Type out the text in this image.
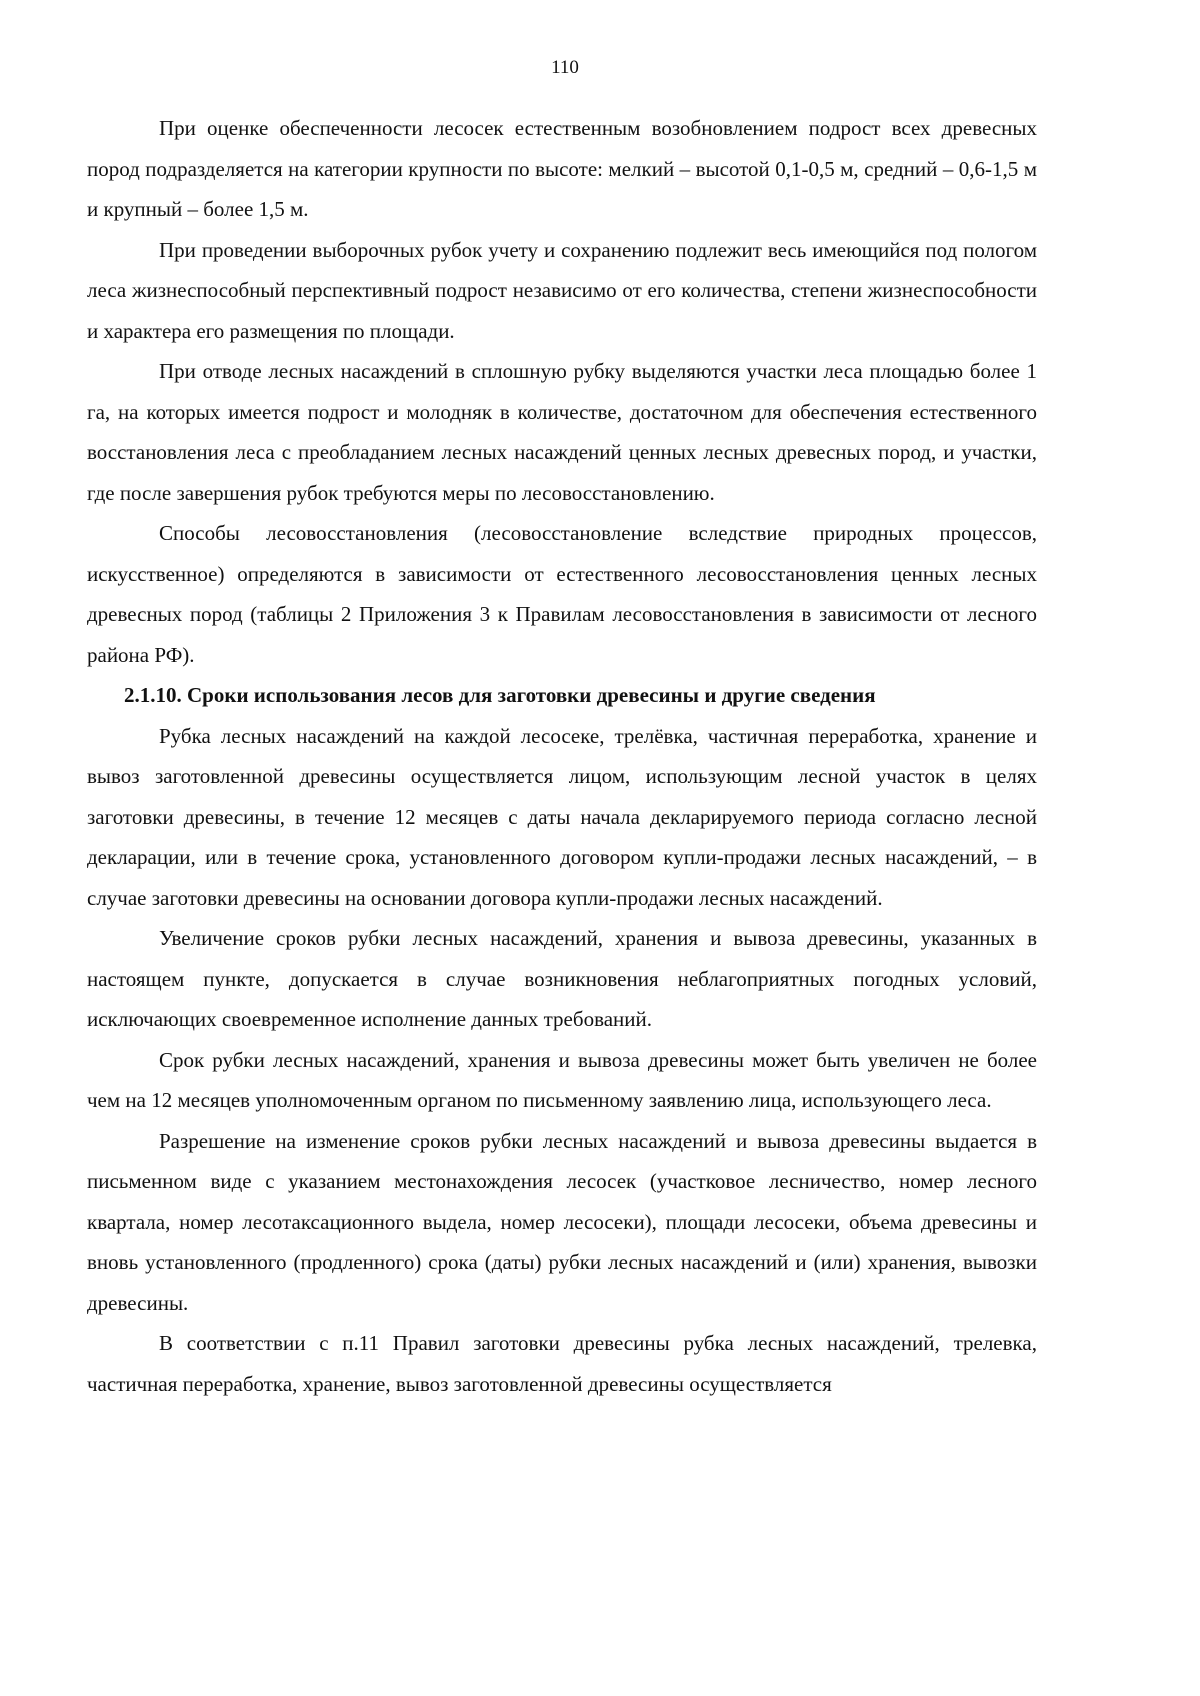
110

При оценке обеспеченности лесосек естественным возобновлением подрост всех древесных пород подразделяется на категории крупности по высоте: мелкий – высотой 0,1-0,5 м, средний – 0,6-1,5 м и крупный – более 1,5 м.

При проведении выборочных рубок учету и сохранению подлежит весь имеющийся под пологом леса жизнеспособный перспективный подрост независимо от его количества, степени жизнеспособности и характера его размещения по площади.

При отводе лесных насаждений в сплошную рубку выделяются участки леса площадью более 1 га, на которых имеется подрост и молодняк в количестве, достаточном для обеспечения естественного восстановления леса с преобладанием лесных насаждений ценных лесных древесных пород, и участки, где после завершения рубок требуются меры по лесовосстановлению.

Способы лесовосстановления (лесовосстановление вследствие природных процессов, искусственное) определяются в зависимости от естественного лесовосстановления ценных лесных древесных пород (таблицы 2 Приложения 3 к Правилам лесовосстановления в зависимости от лесного района РФ).

2.1.10. Сроки использования лесов для заготовки древесины и другие сведения

Рубка лесных насаждений на каждой лесосеке, трелёвка, частичная переработка, хранение и вывоз заготовленной древесины осуществляется лицом, использующим лесной участок в целях заготовки древесины, в течение 12 месяцев с даты начала декларируемого периода согласно лесной декларации, или в течение срока, установленного договором купли-продажи лесных насаждений, – в случае заготовки древесины на основании договора купли-продажи лесных насаждений.

Увеличение сроков рубки лесных насаждений, хранения и вывоза древесины, указанных в настоящем пункте, допускается в случае возникновения неблагоприятных погодных условий, исключающих своевременное исполнение данных требований.

Срок рубки лесных насаждений, хранения и вывоза древесины может быть увеличен не более чем на 12 месяцев уполномоченным органом по письменному заявлению лица, использующего леса.

Разрешение на изменение сроков рубки лесных насаждений и вывоза древесины выдается в письменном виде с указанием местонахождения лесосек (участковое лесничество, номер лесного квартала, номер лесотаксационного выдела, номер лесосеки), площади лесосеки, объема древесины и вновь установленного (продленного) срока (даты) рубки лесных насаждений и (или) хранения, вывозки древесины.

В соответствии с п.11 Правил заготовки древесины рубка лесных насаждений, трелевка, частичная переработка, хранение, вывоз заготовленной древесины осуществляется
